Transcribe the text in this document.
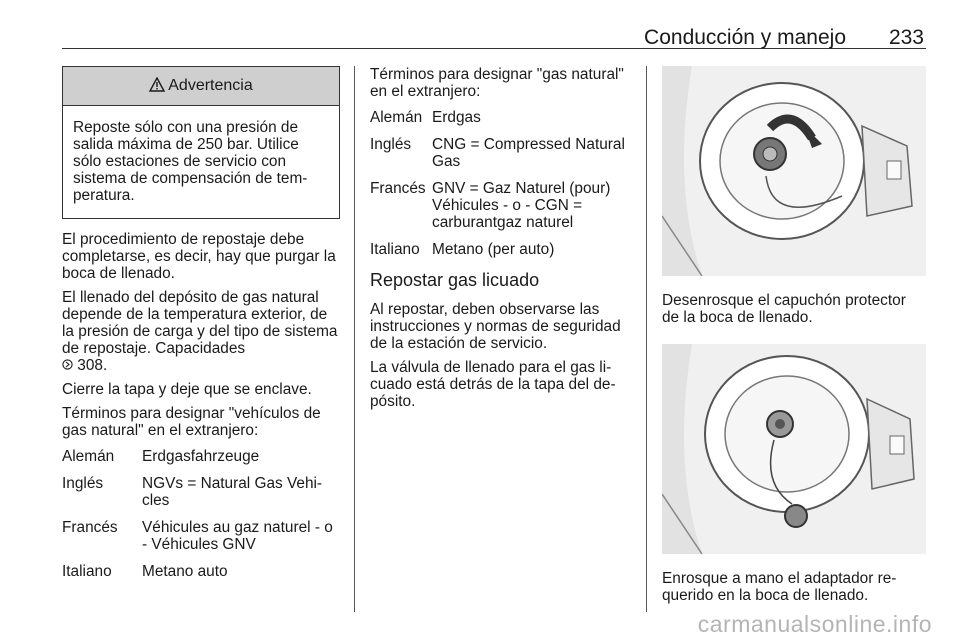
Conducción y manejo 233
Advertencia
Reposte sólo con una presión de salida máxima de 250 bar. Utilice sólo estaciones de servicio con sistema de compensación de tem-peratura.

El procedimiento de repostaje debe completarse, es decir, hay que purgar la boca de llenado.

El llenado del depósito de gas natural depende de la temperatura exterior, de la presión de carga y del tipo de sistema de repostaje. Capacidades
308.

Cierre la tapa y deje que se enclave.

Términos para designar "vehículos de gas natural" en el extranjero:

Alemán	Erdgasfahrzeuge
Inglés	NGVs = Natural Gas Vehi-cles
Francés	Véhicules au gaz naturel - o - Véhicules GNV
Italiano	Metano auto

Términos para designar "gas natural" en el extranjero:

Alemán Erdgas
Inglés	CNG = Compressed Natural Gas
Francés GNV = Gaz Naturel (pour) Véhicules - o - CGN = carburantgaz naturel
Italiano Metano (per auto)
Repostar gas licuado

Al repostar, deben observarse las instrucciones y normas de seguridad de la estación de servicio.

La válvula de llenado para el gas li-cuado está detrás de la tapa del de-pósito.

Desenrosque el capuchón protector de la boca de llenado.

Enrosque a mano el adaptador re-querido en la boca de llenado.

carmanualsonline.info
